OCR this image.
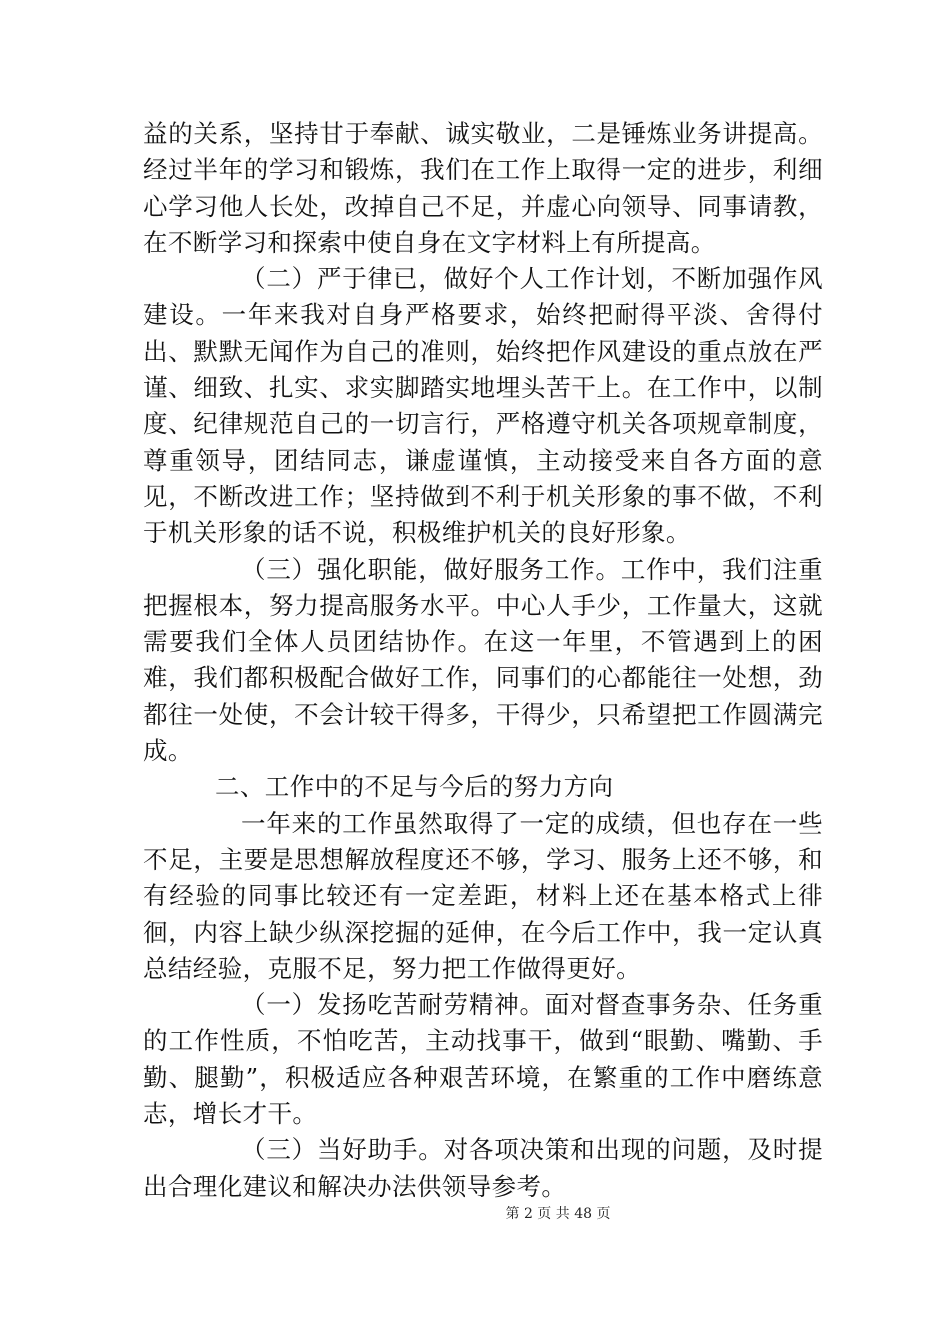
益的关系，坚持甘于奉献、诚实敬业，二是锤炼业务讲提高。经过半年的学习和锻炼，我们在工作上取得一定的进步，利细心学习他人长处，改掉自己不足，并虚心向领导、同事请教，在不断学习和探索中使自身在文字材料上有所提高。

（二）严于律已，做好个人工作计划，不断加强作风建设。一年来我对自身严格要求，始终把耐得平淡、舍得付出、默默无闻作为自己的准则，始终把作风建设的重点放在严谨、细致、扎实、求实脚踏实地埋头苦干上。在工作中，以制度、纪律规范自己的一切言行，严格遵守机关各项规章制度，尊重领导，团结同志，谦虚谨慎，主动接受来自各方面的意见，不断改进工作；坚持做到不利于机关形象的事不做，不利于机关形象的话不说，积极维护机关的良好形象。

（三）强化职能，做好服务工作。工作中，我们注重把握根本，努力提高服务水平。中心人手少，工作量大，这就需要我们全体人员团结协作。在这一年里，不管遇到上的困难，我们都积极配合做好工作，同事们的心都能往一处想，劲都往一处使，不会计较干得多，干得少，只希望把工作圆满完成。

二、工作中的不足与今后的努力方向

一年来的工作虽然取得了一定的成绩，但也存在一些不足，主要是思想解放程度还不够，学习、服务上还不够，和有经验的同事比较还有一定差距，材料上还在基本格式上徘徊，内容上缺少纵深挖掘的延伸，在今后工作中，我一定认真总结经验，克服不足，努力把工作做得更好。

（一）发扬吃苦耐劳精神。面对督查事务杂、任务重的工作性质，不怕吃苦，主动找事干，做到“眼勤、嘴勤、手勤、腿勤”，积极适应各种艰苦环境，在繁重的工作中磨练意志，增长才干。

（三）当好助手。对各项决策和出现的问题，及时提出合理化建议和解决办法供领导参考。

第 2 页 共 48 页
